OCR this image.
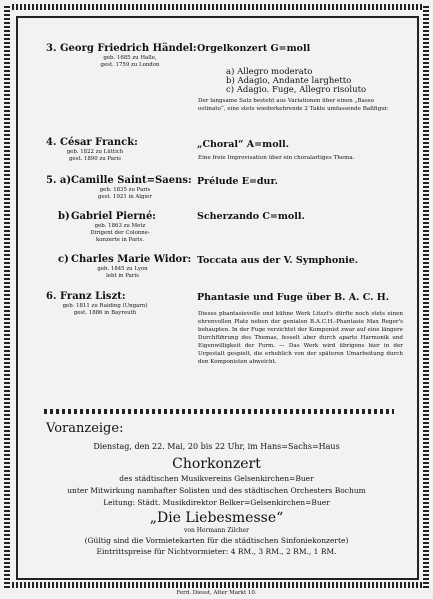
3. Georg Friedrich Händel:
geb. 1685 zu Halle,
gest. 1759 zu London
Orgelkonzert G=moll
a) Allegro moderato
b) Adagio, Andante larghetto
c) Adagio. Fuge, Allegro risoluto
Der langsame Satz besteht aus Variationen über einen „Basso ostinato“, eine stets wiederkehrende 2 Takte umfassende Baßfigur.
4. César Franck:
geb. 1822 zu Lüttich
gest. 1890 zu Paris
„Choral“ A=moll.
Eine freie Improvisation über ein choralartiges Thema.
5. a) Camille Saint=Saens:
geb. 1835 zu Paris
gest. 1921 in Algier
Prélude E=dur.
b) Gabriel Pierné:
geb. 1863 zu Metz
Dirigent der Colonne-
konzerte in Paris.
Scherzando C=moll.
c) Charles Marie Widor:
geb. 1845 zu Lyon
lebt in Paris
Toccata aus der V. Symphonie.
6. Franz Liszt:
geb. 1811 zu Raiding (Ungarn)
gest. 1886 in Bayreuth
Phantasie und Fuge über B. A. C. H.
Dieses phantasievolle und kühne Werk Litszt's dürfte noch stets einen ehrenvollen Platz neben der genialen B.A.C.H.-Phantasie Max Reger's behaupten. In der Fuge verzichtet der Komponist zwar auf eine längere Durchführung des Themas, fesselt aber durch aparte Harmonik und Eigenwilligkeit der Form. — Das Werk wird übrigens hier in der Urgestalt gespielt, die erheblich von der späteren Umarbeitung durch den Komponisten abweicht.
Voranzeige:
Dienstag, den 22. Mai, 20 bis 22 Uhr, im Hans=Sachs=Haus
Chorkonzert
des städtischen Musikvereins Gelsenkirchen=Buer
unter Mitwirkung namhafter Solisten und des städtischen Orchesters Bochum
Leitung: Städt. Musikdirektor Belker=Gelsenkirchen=Buer
„Die Liebesmesse“
von Hermann Zilcher
(Gültig sind die Vormietekarten für die städtischen Sinfoniekonzerte)
Eintrittspreise für Nichtvormieter: 4 RM., 3 RM., 2 RM., 1 RM.
Ferd. Diesst, Alter Markt 10.
